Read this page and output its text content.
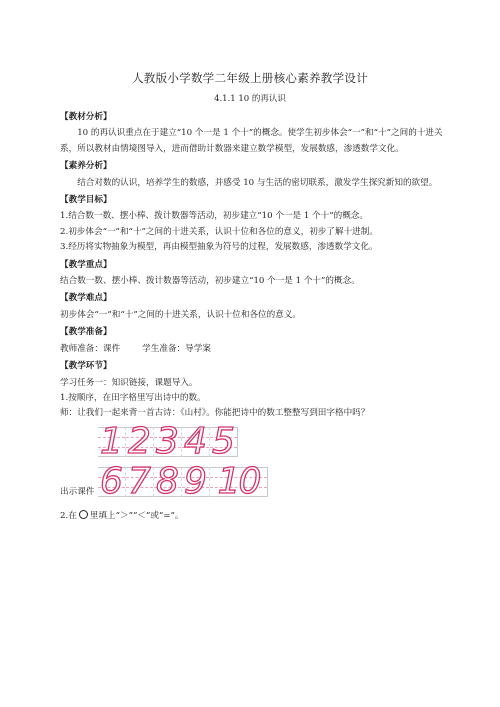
人教版小学数学二年级上册核心素养教学设计
4.1.1 10 的再认识
【教材分析】

10 的再认识重点在于建立“10 个一是 1 个十”的概念。使学生初步体会“一”和“十”之间的十进关系，所以教材由情境图导入，进而借助计数器来建立数学模型，发展数感，渗透数学文化。

【素养分析】

结合对数的认识，培养学生的数感，并感受 10 与生活的密切联系，激发学生探究新知的欲望。

【教学目标】

1.结合数一数、摆小棒、拨计数器等活动，初步建立“10 个一是 1 个十”的概念。

2.初步体会“一”和“十”之间的十进关系，认识十位和各位的意义，初步了解十进制。

3.经历将实物抽象为模型，再由模型抽象为符号的过程，发展数感，渗透数学文化。

【教学重点】

结合数一数、摆小棒、拨计数器等活动，初步建立“10 个一是 1 个十”的概念。

【教学难点】

初步体会“一”和“十”之间的十进关系，认识十位和各位的意义。

【教学准备】

教师准备：课件	学生准备：导学案

【教学环节】

学习任务一：知识链接，课题导入。

1.按顺序，在田字格里写出诗中的数。

师：让我们一起来背一首古诗：《山村》。你能把诗中的数工整整写到田字格中吗？

1 2 3 4 5
6 7 8 9 10
出示课件

2.在 里填上“＞”“＜”或“=”。
